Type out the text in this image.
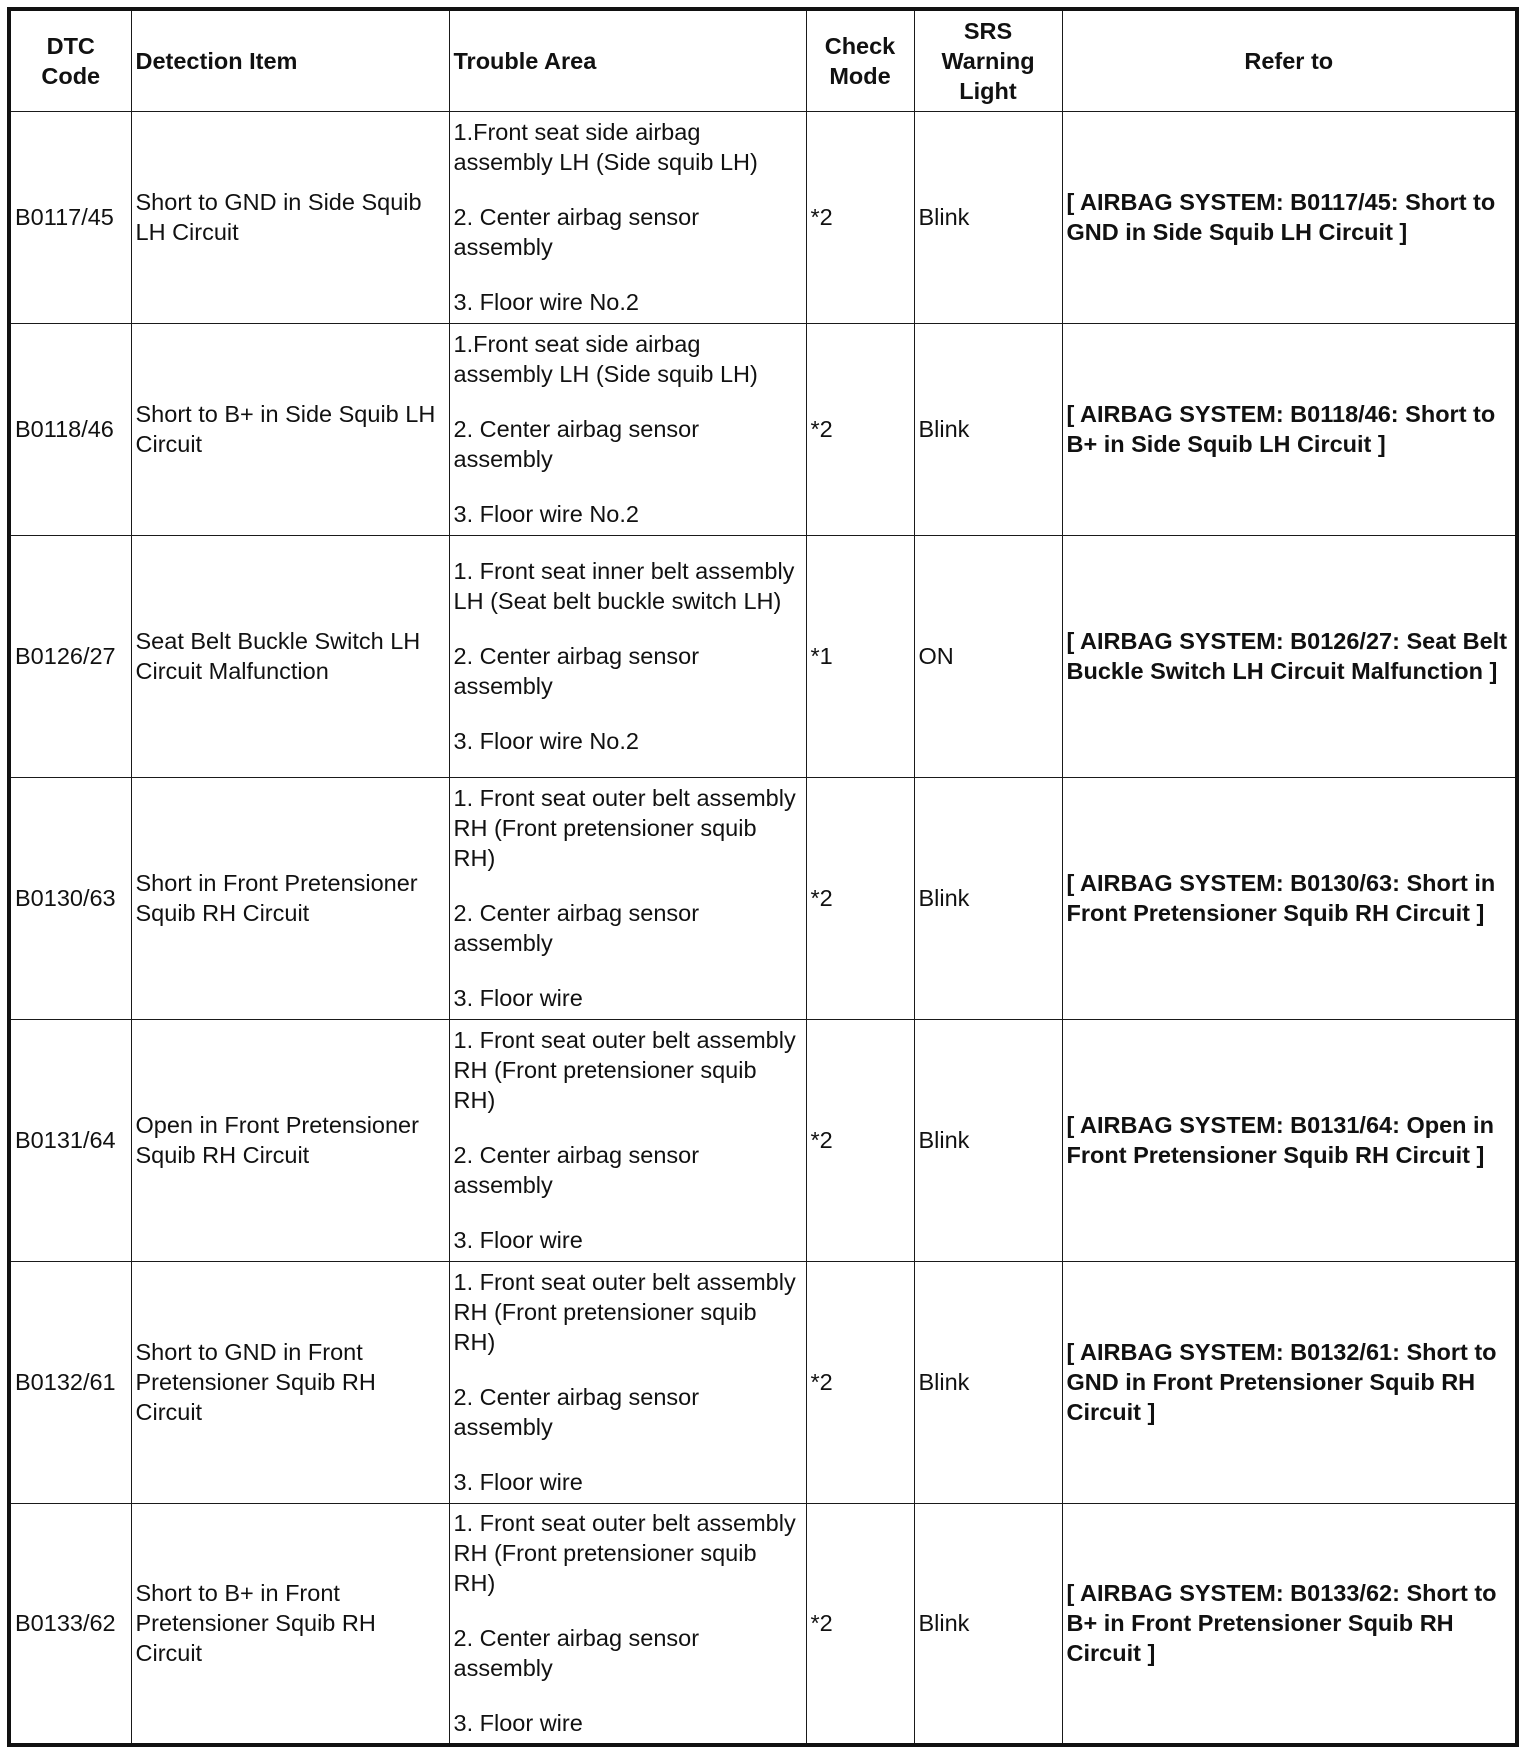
DTC Code	Detection Item	Trouble Area	Check Mode	SRS Warning Light	Refer to
B0117/45	Short to GND in Side Squib LH Circuit	1.Front seat side airbag assembly LH (Side squib LH)
2. Center airbag sensor assembly
3. Floor wire No.2	*2	Blink	[ AIRBAG SYSTEM: B0117/45: Short to GND in Side Squib LH Circuit ]
B0118/46	Short to B+ in Side Squib LH Circuit	1.Front seat side airbag assembly LH (Side squib LH)
2. Center airbag sensor assembly
3. Floor wire No.2	*2	Blink	[ AIRBAG SYSTEM: B0118/46: Short to B+ in Side Squib LH Circuit ]
B0126/27	Seat Belt Buckle Switch LH Circuit Malfunction	1. Front seat inner belt assembly LH (Seat belt buckle switch LH)
2. Center airbag sensor assembly
3. Floor wire No.2	*1	ON	[ AIRBAG SYSTEM: B0126/27: Seat Belt Buckle Switch LH Circuit Malfunction ]
B0130/63	Short in Front Pretensioner Squib RH Circuit	1. Front seat outer belt assembly RH (Front pretensioner squib RH)
2. Center airbag sensor assembly
3. Floor wire	*2	Blink	[ AIRBAG SYSTEM: B0130/63: Short in Front Pretensioner Squib RH Circuit ]
B0131/64	Open in Front Pretensioner Squib RH Circuit	1. Front seat outer belt assembly RH (Front pretensioner squib RH)
2. Center airbag sensor assembly
3. Floor wire	*2	Blink	[ AIRBAG SYSTEM: B0131/64: Open in Front Pretensioner Squib RH Circuit ]
B0132/61	Short to GND in Front Pretensioner Squib RH Circuit	1. Front seat outer belt assembly RH (Front pretensioner squib RH)
2. Center airbag sensor assembly
3. Floor wire	*2	Blink	[ AIRBAG SYSTEM: B0132/61: Short to GND in Front Pretensioner Squib RH Circuit ]
B0133/62	Short to B+ in Front Pretensioner Squib RH Circuit	1. Front seat outer belt assembly RH (Front pretensioner squib RH)
2. Center airbag sensor assembly
3. Floor wire	*2	Blink	[ AIRBAG SYSTEM: B0133/62: Short to B+ in Front Pretensioner Squib RH Circuit ]
